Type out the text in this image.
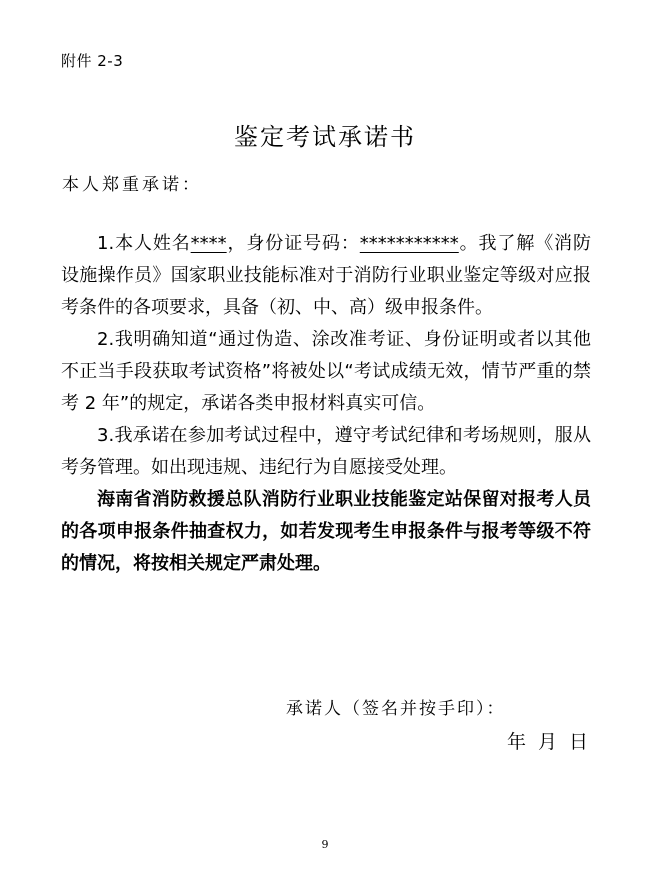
附件 2-3
鉴定考试承诺书
本人郑重承诺：

1.本人姓名****，身份证号码：***********。我了解《消防设施操作员》国家职业技能标准对于消防行业职业鉴定等级对应报考条件的各项要求，具备（初、中、高）级申报条件。

2.我明确知道“通过伪造、涂改准考证、身份证明或者以其他不正当手段获取考试资格”将被处以“考试成绩无效，情节严重的禁考 2 年”的规定，承诺各类申报材料真实可信。

3.我承诺在参加考试过程中，遵守考试纪律和考场规则，服从考务管理。如出现违规、违纪行为自愿接受处理。

海南省消防救援总队消防行业职业技能鉴定站保留对报考人员的各项申报条件抽查权力，如若发现考生申报条件与报考等级不符的情况，将按相关规定严肃处理。

承诺人（签名并按手印）：
年 月 日
9
